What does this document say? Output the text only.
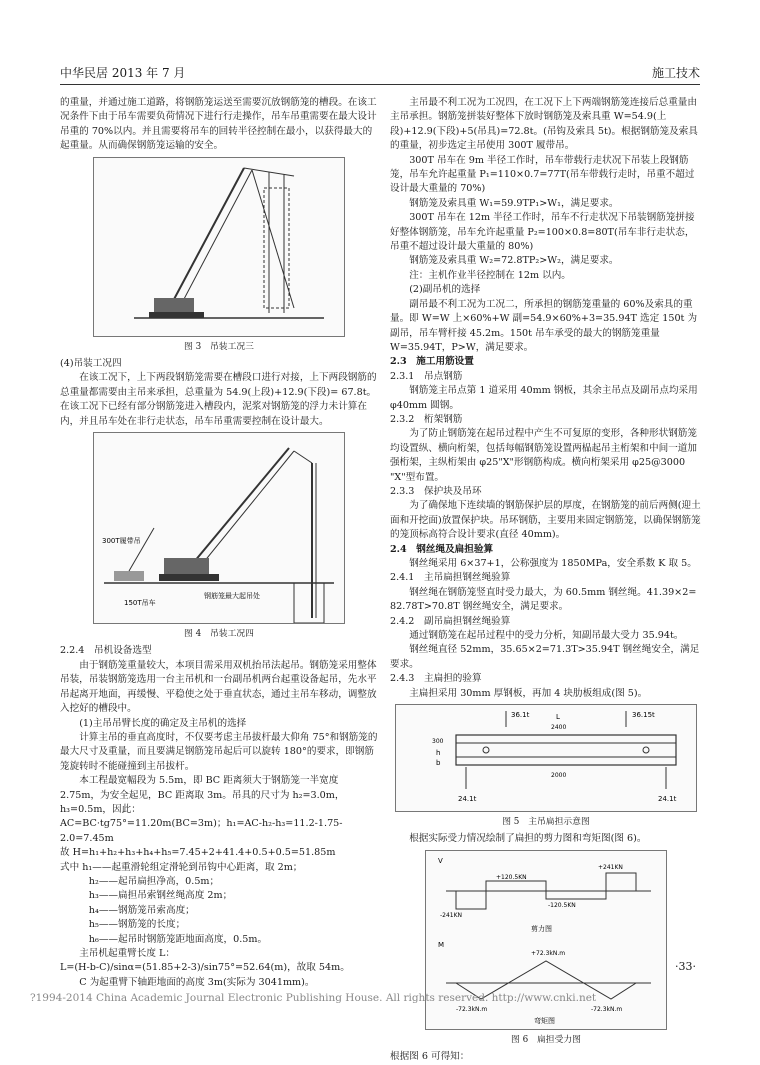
中华民居 2013 年 7 月	施工技术

的重量，并通过施工道路，将钢筋笼运送至需要沉放钢筋笼的槽段。在该工况条件下由于吊车需要负荷情况下进行行走操作，吊车吊重需要在最大设计吊重的 70%以内。并且需要将吊车的回转半径控制在最小，以获得最大的起重量。从而确保钢筋笼运输的安全。

图 3　吊装工况三

(4)吊装工况四

在该工况下，上下两段钢筋笼需要在槽段口进行对接，上下两段钢筋的总重量都需要由主吊来承担，总重量为 54.9(上段)+12.9(下段)= 67.8t。在该工况下已经有部分钢筋笼进入槽段内，泥浆对钢筋笼的浮力未计算在内，并且吊车处在非行走状态，吊车吊重需要控制在设计最大。

300T履带吊
钢筋笼最大起吊处
150T吊车
图 4　吊装工况四

2.2.4　吊机设备选型

由于钢筋笼重量较大，本项目需采用双机抬吊法起吊。钢筋笼采用整体吊装，吊装钢筋笼选用一台主吊机和一台副吊机两台起重设备起吊，先水平吊起离开地面，再缓慢、平稳使之处于垂直状态，通过主吊车移动，调整放入挖好的槽段中。

(1)主吊吊臂长度的确定及主吊机的选择

计算主吊的垂直高度时，不仅要考虑主吊拔杆最大仰角 75°和钢筋笼的最大尺寸及重量，而且要满足钢筋笼吊起后可以旋转 180°的要求，即钢筋笼旋转时不能碰撞到主吊拔杆。

本工程最宽幅段为 5.5m，即 BC 距离须大于钢筋笼一半宽度 2.75m，为安全起见，BC 距离取 3m。吊具的尺寸为 h₂=3.0m，h₃=0.5m，因此：

AC=BC·tg75°=11.20m(BC=3m)；h₁=AC-h₂-h₃=11.2-1.75-2.0=7.45m

故 H=h₁+h₂+h₃+h₄+h₅=7.45+2+41.4+0.5+0.5=51.85m

式中 h₁——起重滑轮组定滑轮到吊钩中心距离，取 2m；

h₂——起吊扁担净高，0.5m；

h₃——扁担吊索钢丝绳高度 2m；

h₄——钢筋笼吊索高度；

h₅——钢筋笼的长度；

h₆——起吊时钢筋笼距地面高度，0.5m。

主吊机起重臂长度 L：

L=(H-b-C)/sinα=(51.85+2-3)/sin75°=52.64(m)，故取 54m。

C 为起重臂下轴距地面的高度 3m(实际为 3041mm)。

主吊最不利工况为工况四，在工况下上下两端钢筋笼连接后总重量由主吊承担。钢筋笼拼装好整体下放时钢筋笼及索具重 W=54.9(上段)+12.9(下段)+5(吊具)=72.8t。(吊钩及索具 5t)。根据钢筋笼及索具的重量，初步选定主吊使用 300T 履带吊。

300T 吊车在 9m 半径工作时，吊车带载行走状况下吊装上段钢筋笼，吊车允许起重量 P₁=110×0.7=77T(吊车带载行走时，吊重不超过设计最大重量的 70%)

钢筋笼及索具重 W₁=59.9TP₁>W₁，满足要求。

300T 吊车在 12m 半径工作时，吊车不行走状况下吊装钢筋笼拼接好整体钢筋笼，吊车允许起重量 P₂=100×0.8=80T(吊车非行走状态，吊重不超过设计最大重量的 80%)

钢筋笼及索具重 W₂=72.8TP₂>W₂，满足要求。

注：主机作业半径控制在 12m 以内。

(2)副吊机的选择

副吊最不利工况为工况二，所承担的钢筋笼重量的 60%及索具的重量。即 W=W 上×60%+W 副=54.9×60%+3=35.94T 选定 150t 为副吊，吊车臂杆接 45.2m。150t 吊车承受的最大的钢筋笼重量 W=35.94T，P>W，满足要求。

2.3　施工用筋设置

2.3.1　吊点钢筋

钢筋笼主吊点第 1 道采用 40mm 钢板，其余主吊点及副吊点均采用 φ40mm 圆钢。

2.3.2　桁架钢筋

为了防止钢筋笼在起吊过程中产生不可复原的变形，各种形状钢筋笼均设置纵、横向桁架，包括每幅钢筋笼设置两榀起吊主桁架和中间一道加强桁架，主纵桁架由 φ25"X"形钢筋构成。横向桁架采用 φ25@3000 "X"型布置。

2.3.3　保护块及吊环

为了确保地下连续墙的钢筋保护层的厚度，在钢筋笼的前后两侧(迎土面和开挖面)放置保护块。吊环钢筋，主要用来固定钢筋笼，以确保钢筋笼的笼顶标高符合设计要求(直径 40mm)。

2.4　钢丝绳及扁担验算

钢丝绳采用 6×37+1，公称强度为 1850MPa，安全系数 K 取 5。

2.4.1　主吊扁担钢丝绳验算

钢丝绳在钢筋笼竖直时受力最大，为 60.5mm 钢丝绳。41.39×2= 82.78T>70.8T 钢丝绳安全，满足要求。

2.4.2　副吊扁担钢丝绳验算

通过钢筋笼在起吊过程中的受力分析，知副吊最大受力 35.94t。

钢丝绳直径 52mm，35.65×2=71.3T>35.94T 钢丝绳安全，满足要求。

2.4.3　主扁担的验算

主扁担采用 30mm 厚钢板，再加 4 块肋板组成(图 5)。

36.1t	36.15t
L
2400
300
h
b
2000
24.1t	24.1t
图 5　主吊扁担示意图

根据实际受力情况绘制了扁担的剪力图和弯矩图(图 6)。

V
+120.5KN
+241KN
-241KN
-120.5KN
剪力图
M
+72.3kN.m
-72.3kN.m	-72.3kN.m
弯矩图
图 6　扁担受力图

根据图 6 可得知：

·33·
?1994-2014 China Academic Journal Electronic Publishing House. All rights reserved. http://www.cnki.net
